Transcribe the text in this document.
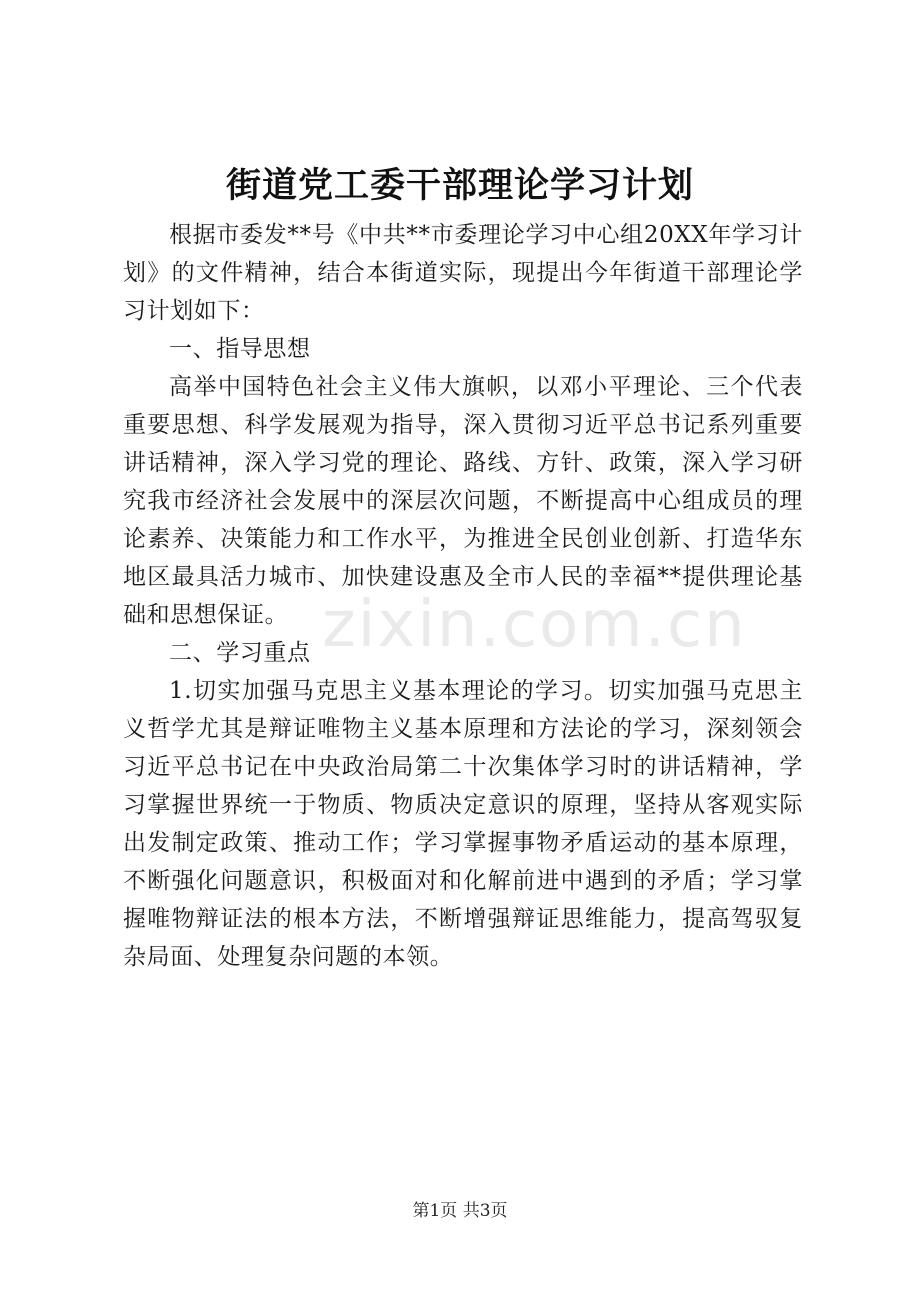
街道党工委干部理论学习计划

根据市委发**号《中共**市委理论学习中心组20XX年学习计划》的文件精神，结合本街道实际，现提出今年街道干部理论学习计划如下：

一、指导思想

高举中国特色社会主义伟大旗帜，以邓小平理论、三个代表重要思想、科学发展观为指导，深入贯彻习近平总书记系列重要讲话精神，深入学习党的理论、路线、方针、政策，深入学习研究我市经济社会发展中的深层次问题，不断提高中心组成员的理论素养、决策能力和工作水平，为推进全民创业创新、打造华东地区最具活力城市、加快建设惠及全市人民的幸福**提供理论基础和思想保证。

二、学习重点

1.切实加强马克思主义基本理论的学习。切实加强马克思主义哲学尤其是辩证唯物主义基本原理和方法论的学习，深刻领会习近平总书记在中央政治局第二十次集体学习时的讲话精神，学习掌握世界统一于物质、物质决定意识的原理，坚持从客观实际出发制定政策、推动工作；学习掌握事物矛盾运动的基本原理，不断强化问题意识，积极面对和化解前进中遇到的矛盾；学习掌握唯物辩证法的根本方法，不断增强辩证思维能力，提高驾驭复杂局面、处理复杂问题的本领。

zixin.com.cn
第1页 共3页
